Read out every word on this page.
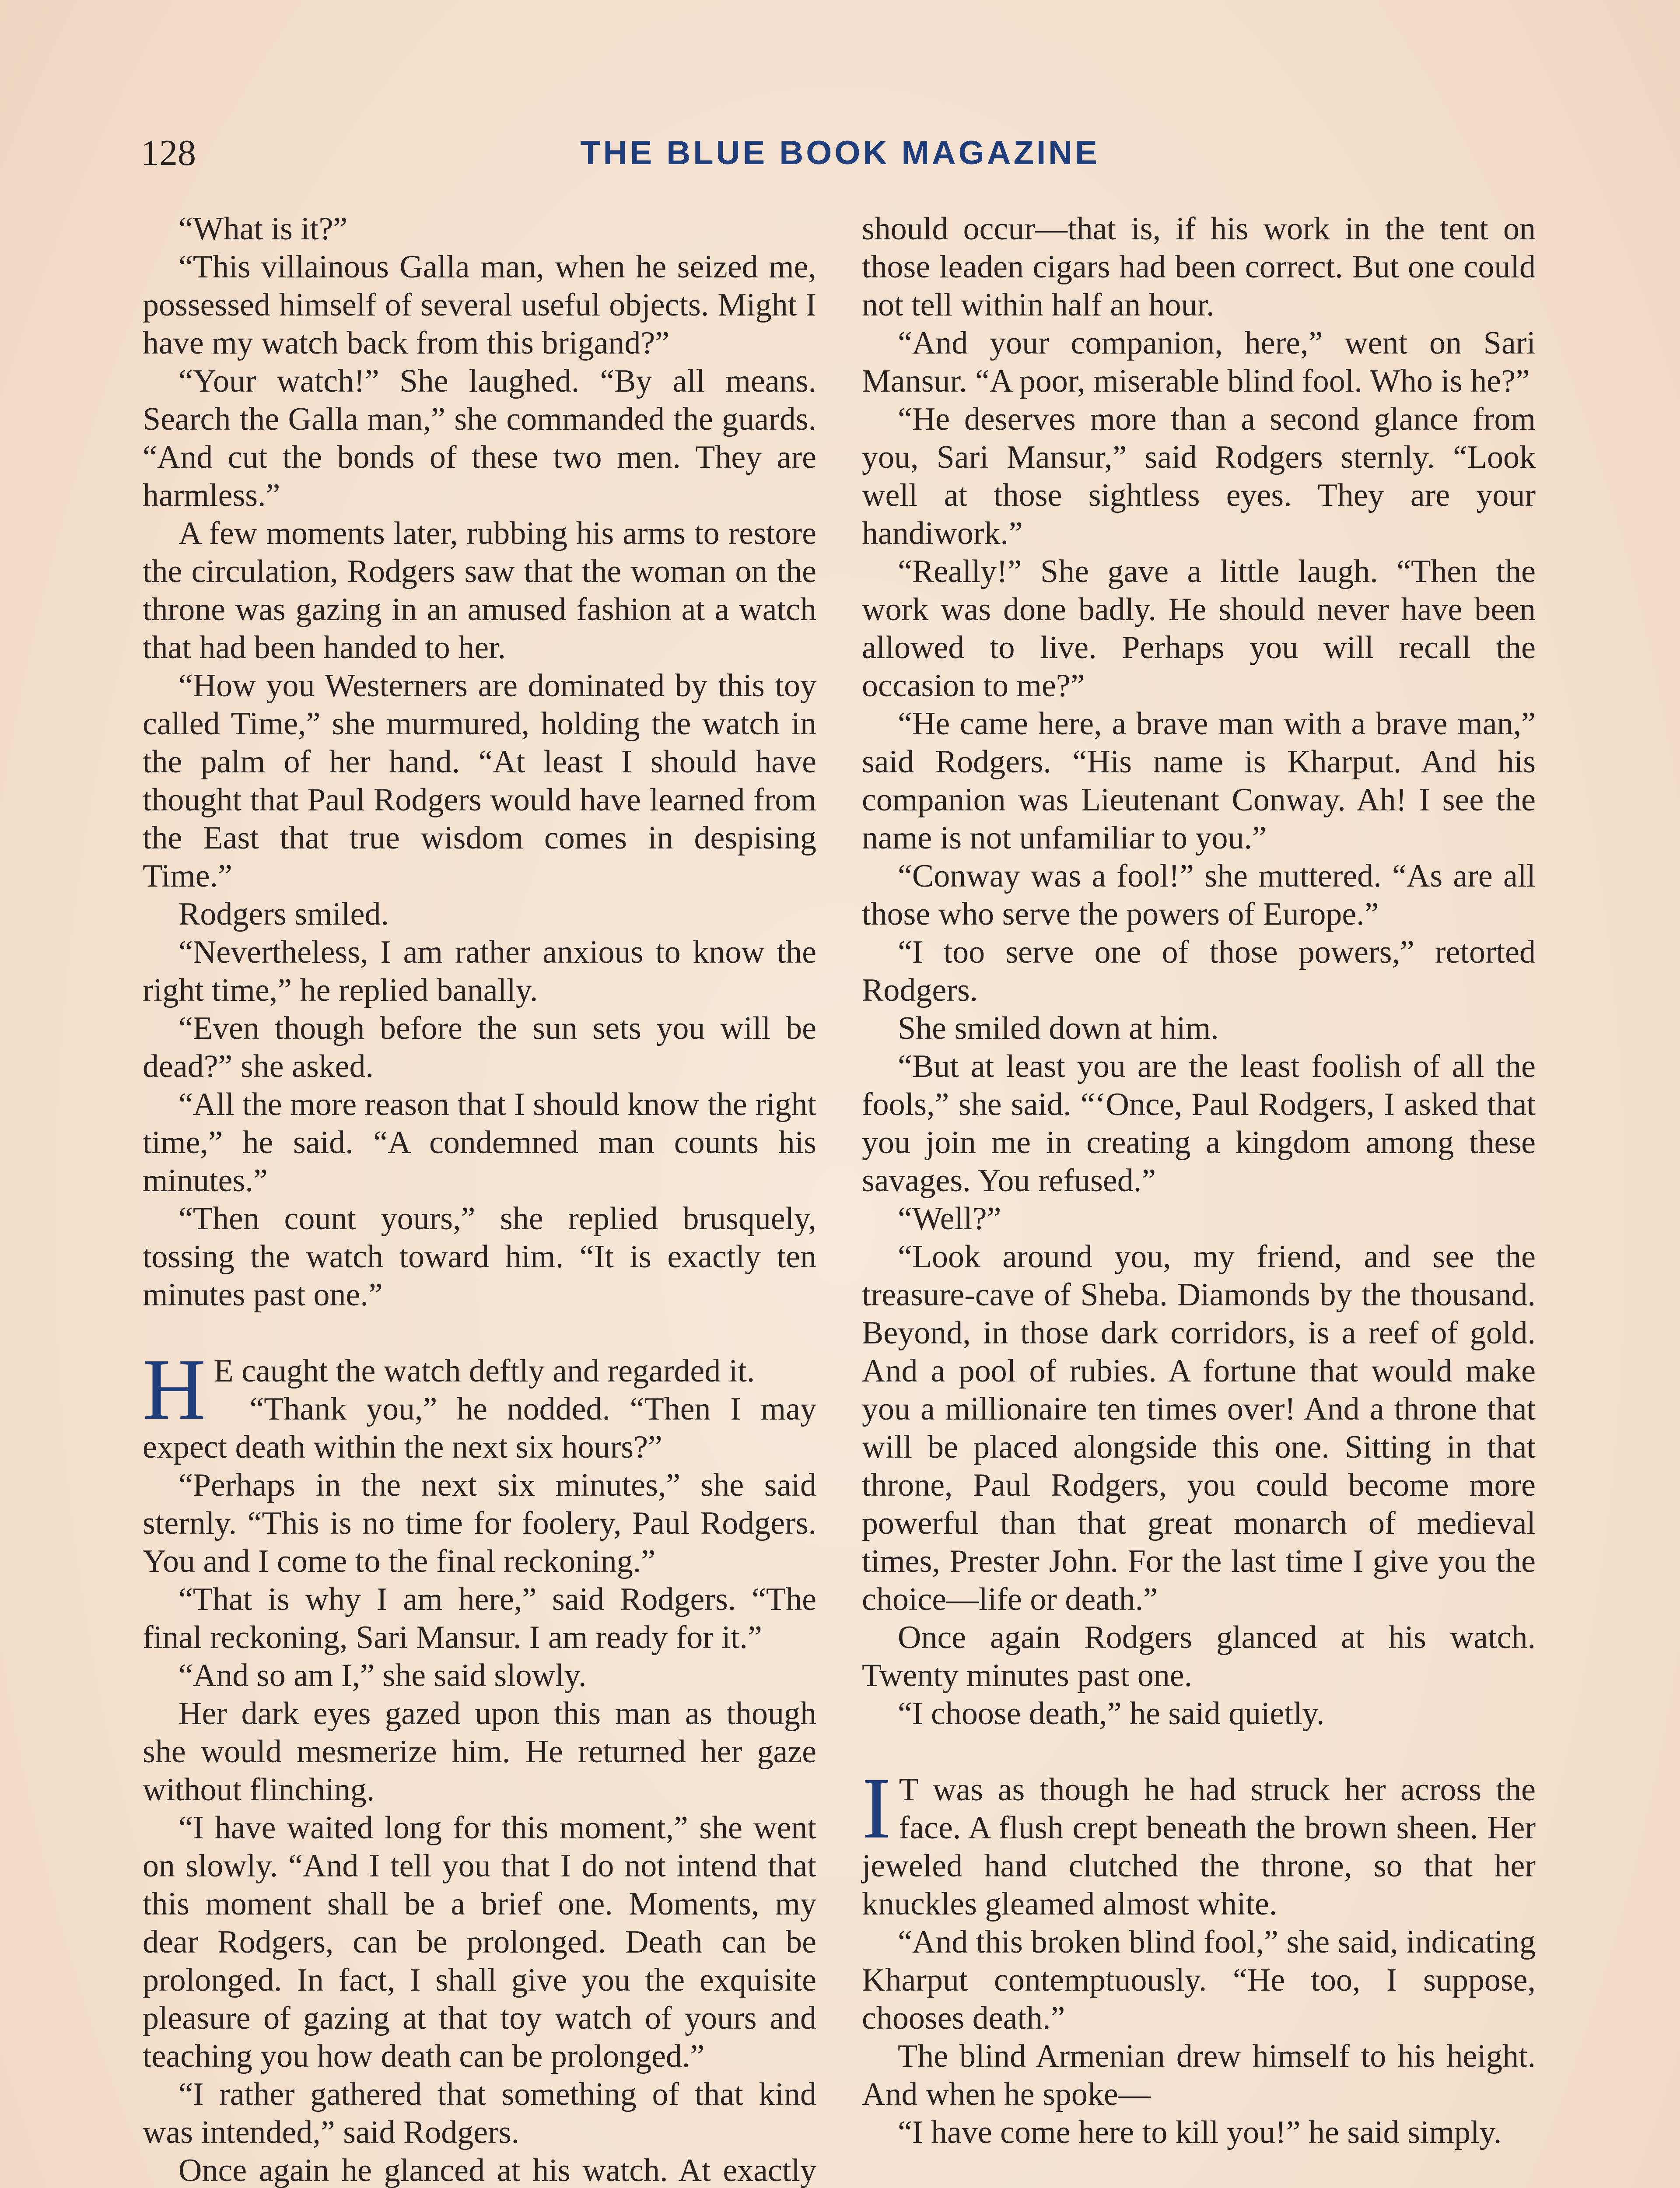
128	THE BLUE BOOK MAGAZINE

“What is it?”

“This villainous Galla man, when he seized me, possessed himself of several useful objects. Might I have my watch back from this brigand?”

“Your watch!” She laughed. “By all means. Search the Galla man,” she commanded the guards. “And cut the bonds of these two men. They are harmless.”

A few moments later, rubbing his arms to restore the circulation, Rodgers saw that the woman on the throne was gazing in an amused fashion at a watch that had been handed to her.

“How you Westerners are dominated by this toy called Time,” she murmured, holding the watch in the palm of her hand. “At least I should have thought that Paul Rodgers would have learned from the East that true wisdom comes in despising Time.”

Rodgers smiled.

“Nevertheless, I am rather anxious to know the right time,” he replied banally.

“Even though before the sun sets you will be dead?” she asked.

“All the more reason that I should know the right time,” he said. “A condemned man counts his minutes.”

“Then count yours,” she replied brusquely, tossing the watch toward him. “It is exactly ten minutes past one.”

H E caught the watch deftly and regarded it.

“Thank you,” he nodded. “Then I may expect death within the next six hours?”

“Perhaps in the next six minutes,” she said sternly. “This is no time for foolery, Paul Rodgers. You and I come to the final reckoning.”

“That is why I am here,” said Rodgers. “The final reckoning, Sari Mansur. I am ready for it.”

“And so am I,” she said slowly.

Her dark eyes gazed upon this man as though she would mesmerize him. He returned her gaze without flinching.

“I have waited long for this moment,” she went on slowly. “And I tell you that I do not intend that this moment shall be a brief one. Moments, my dear Rodgers, can be prolonged. Death can be prolonged. In fact, I shall give you the exquisite pleasure of gazing at that toy watch of yours and teaching you how death can be prolonged.”

“I rather gathered that something of that kind was intended,” said Rodgers.

Once again he glanced at his watch. At exactly

should occur—that is, if his work in the tent on those leaden cigars had been correct. But one could not tell within half an hour.

“And your companion, here,” went on Sari Mansur. “A poor, miserable blind fool. Who is he?”

“He deserves more than a second glance from you, Sari Mansur,” said Rodgers sternly. “Look well at those sightless eyes. They are your handiwork.”

“Really!” She gave a little laugh. “Then the work was done badly. He should never have been allowed to live. Perhaps you will recall the occasion to me?”

“He came here, a brave man with a brave man,” said Rodgers. “His name is Kharput. And his companion was Lieutenant Conway. Ah! I see the name is not unfamiliar to you.”

“Conway was a fool!” she muttered. “As are all those who serve the powers of Europe.”

“I too serve one of those powers,” retorted Rodgers.

She smiled down at him.

“But at least you are the least foolish of all the fools,” she said. “‘Once, Paul Rodgers, I asked that you join me in creating a kingdom among these savages. You refused.”

“Well?”

“Look around you, my friend, and see the treasure-cave of Sheba. Diamonds by the thousand. Beyond, in those dark corridors, is a reef of gold. And a pool of rubies. A fortune that would make you a millionaire ten times over! And a throne that will be placed alongside this one. Sitting in that throne, Paul Rodgers, you could become more powerful than that great monarch of medieval times, Prester John. For the last time I give you the choice—life or death.”

Once again Rodgers glanced at his watch. Twenty minutes past one.

“I choose death,” he said quietly.

I T was as though he had struck her across the face. A flush crept beneath the brown sheen. Her jeweled hand clutched the throne, so that her knuckles gleamed almost white.

“And this broken blind fool,” she said, indicating Kharput contemptuously. “He too, I suppose, chooses death.”

The blind Armenian drew himself to his height. And when he spoke—

“I have come here to kill you!” he said simply.
